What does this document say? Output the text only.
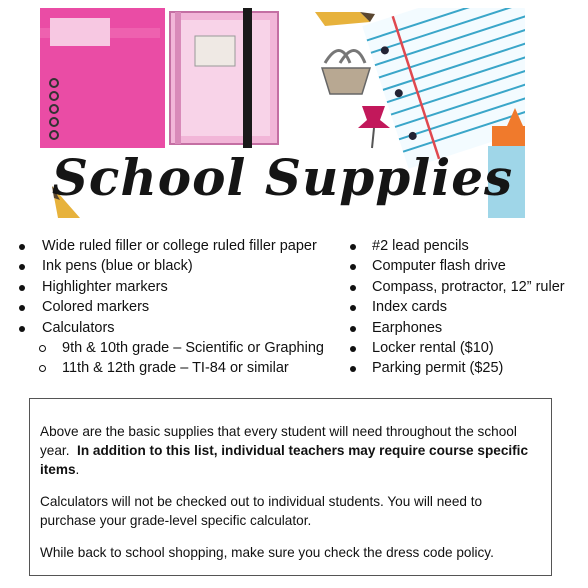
School Supplies
Wide ruled filler or college ruled filler paper
Ink pens (blue or black)
Highlighter markers
Colored markers
Calculators
9th & 10th grade – Scientific or Graphing
11th & 12th grade – TI-84 or similar
#2 lead pencils
Computer flash drive
Compass, protractor, 12” ruler
Index cards
Earphones
Locker rental ($10)
Parking permit ($25)

Above are the basic supplies that every student will need throughout the school year. In addition to this list, individual teachers may require course specific items.

Calculators will not be checked out to individual students. You will need to purchase your grade-level specific calculator.

While back to school shopping, make sure you check the dress code policy.
